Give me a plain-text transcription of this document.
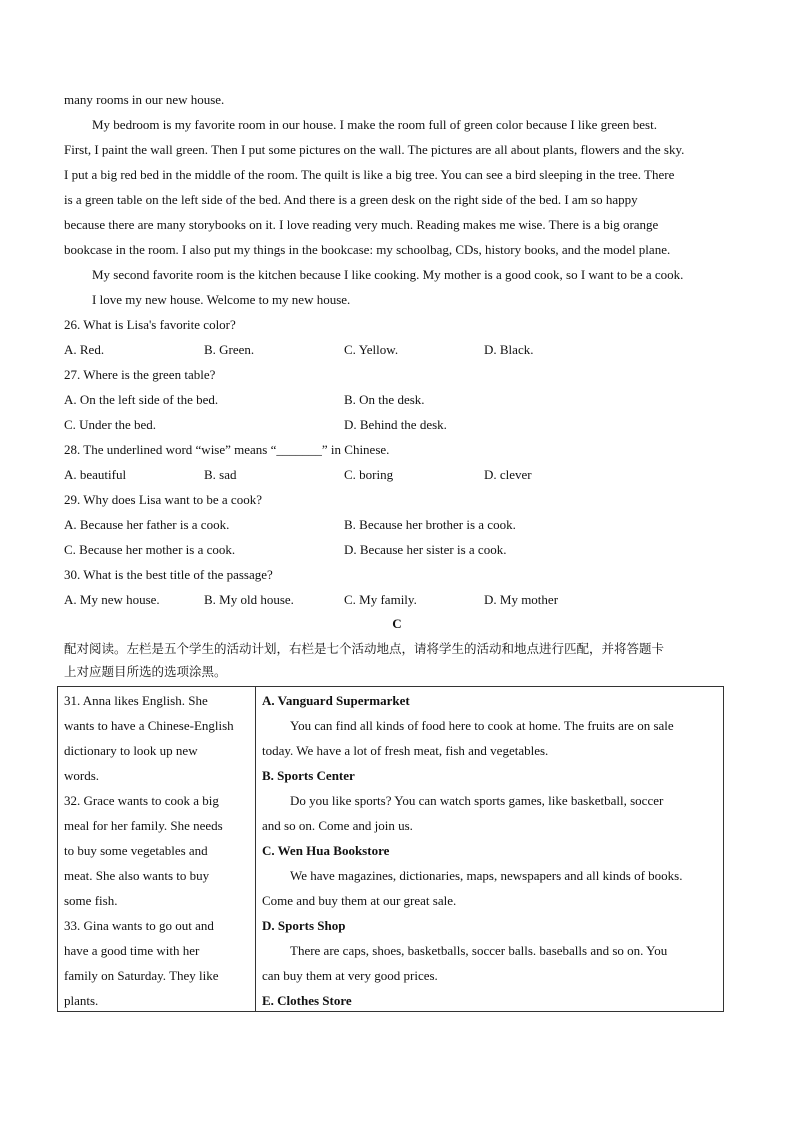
many rooms in our new house.
My bedroom is my favorite room in our house. I make the room full of green color because I like green best.
First, I paint the wall green. Then I put some pictures on the wall. The pictures are all about plants, flowers and the sky.
I put a big red bed in the middle of the room. The quilt is like a big tree. You can see a bird sleeping in the tree. There
is a green table on the left side of the bed. And there is a green desk on the right side of the bed. I am so happy
because there are many storybooks on it. I love reading very much. Reading makes me wise. There is a big orange
bookcase in the room. I also put my things in the bookcase: my schoolbag, CDs, history books, and the model plane.
My second favorite room is the kitchen because I like cooking. My mother is a good cook, so I want to be a cook.
I love my new house. Welcome to my new house.
26. What is Lisa's favorite color?
A. Red.	B. Green.	C. Yellow.	D. Black.
27. Where is the green table?
A. On the left side of the bed.	B. On the desk.
C. Under the bed.	D. Behind the desk.
28. The underlined word “wise” means “_______” in Chinese.
A. beautiful	B. sad	C. boring	D. clever
29. Why does Lisa want to be a cook?
A. Because her father is a cook.	B. Because her brother is a cook.
C. Because her mother is a cook.	D. Because her sister is a cook.
30. What is the best title of the passage?
A. My new house.	B. My old house.	C. My family.	D. My mother
C
配对阅读。左栏是五个学生的活动计划，右栏是七个活动地点，请将学生的活动和地点进行匹配，并将答题卡
上对应题目所选的选项涂黑。
31. Anna likes English. She
wants to have a Chinese-English
dictionary to look up new
words.
32. Grace wants to cook a big
meal for her family. She needs
to buy some vegetables and
meat. She also wants to buy
some fish.
33. Gina wants to go out and
have a good time with her
family on Saturday. They like
plants.

A. Vanguard Supermarket
You can find all kinds of food here to cook at home. The fruits are on sale
today. We have a lot of fresh meat, fish and vegetables.
B. Sports Center
Do you like sports? You can watch sports games, like basketball, soccer
and so on. Come and join us.
C. Wen Hua Bookstore
We have magazines, dictionaries, maps, newspapers and all kinds of books.
Come and buy them at our great sale.
D. Sports Shop
There are caps, shoes, basketballs, soccer balls. baseballs and so on. You
can buy them at very good prices.
E. Clothes Store
